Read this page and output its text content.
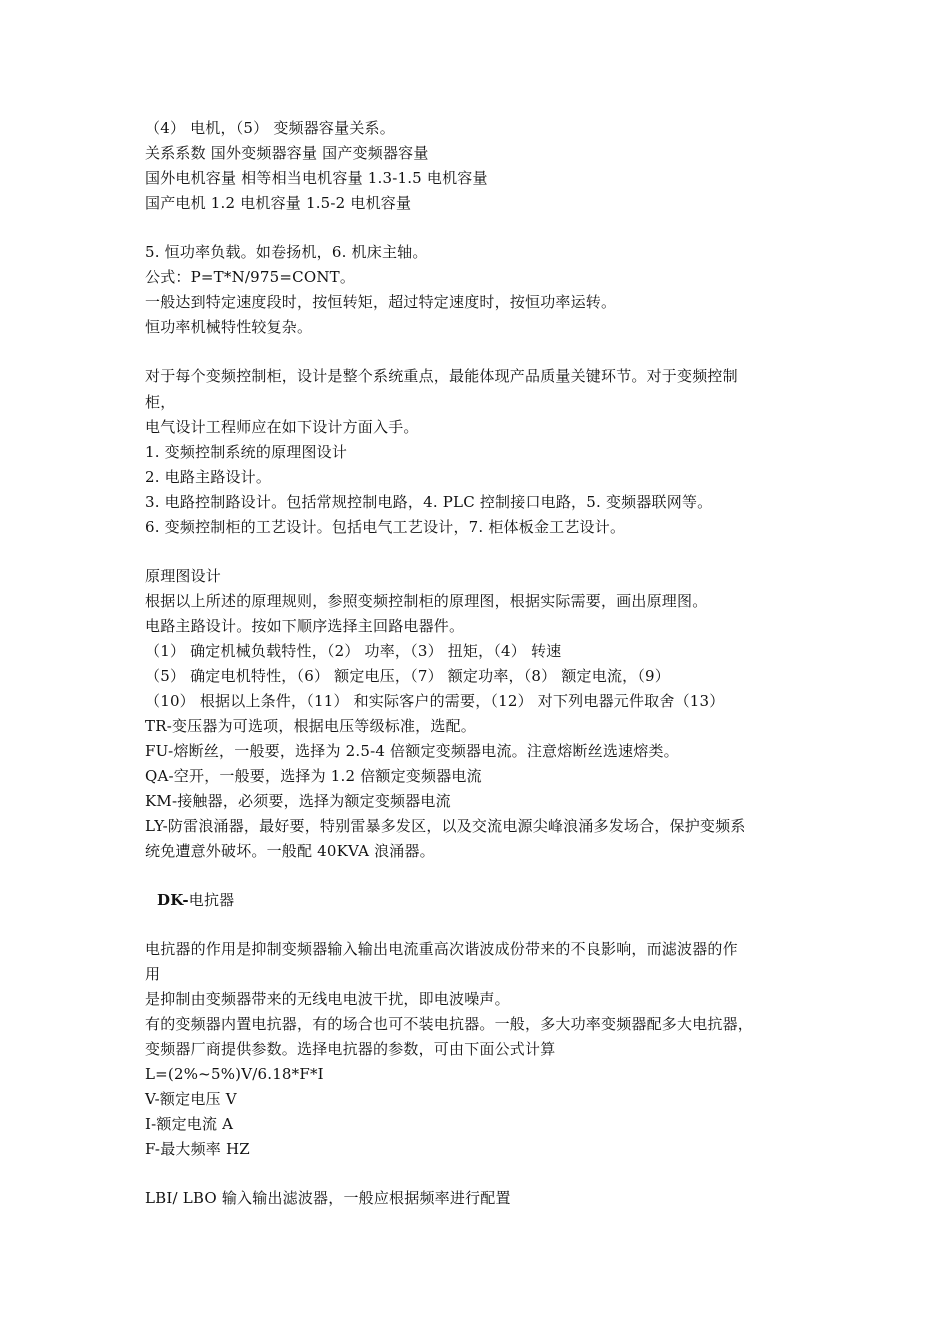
（4） 电机，（5） 变频器容量关系。
关系系数 国外变频器容量 国产变频器容量
国外电机容量 相等相当电机容量 1.3-1.5 电机容量
国产电机 1.2 电机容量 1.5-2 电机容量
5. 恒功率负载。如卷扬机，6. 机床主轴。
公式：P=T*N/975=CONT。
一般达到特定速度段时，按恒转矩，超过特定速度时，按恒功率运转。
恒功率机械特性较复杂。
对于每个变频控制柜，设计是整个系统重点，最能体现产品质量关键环节。对于变频控制
柜，
电气设计工程师应在如下设计方面入手。
1. 变频控制系统的原理图设计
2. 电路主路设计。
3. 电路控制路设计。包括常规控制电路，4. PLC 控制接口电路，5. 变频器联网等。
6. 变频控制柜的工艺设计。包括电气工艺设计，7. 柜体板金工艺设计。
原理图设计
根据以上所述的原理规则，参照变频控制柜的原理图，根据实际需要，画出原理图。
电路主路设计。按如下顺序选择主回路电器件。
（1） 确定机械负载特性，（2） 功率，（3） 扭矩，（4） 转速
（5） 确定电机特性，（6） 额定电压，（7） 额定功率，（8） 额定电流，（9）
（10） 根据以上条件，（11） 和实际客户的需要，（12） 对下列电器元件取舍（13）
TR-变压器为可选项，根据电压等级标准，选配。
FU-熔断丝，一般要，选择为 2.5-4 倍额定变频器电流。注意熔断丝选速熔类。
QA-空开，一般要，选择为 1.2 倍额定变频器电流
KM-接触器，必须要，选择为额定变频器电流
LY-防雷浪涌器，最好要，特别雷暴多发区，以及交流电源尖峰浪涌多发场合，保护变频系
统免遭意外破坏。一般配 40KVA 浪涌器。
DK-电抗器
电抗器的作用是抑制变频器输入输出电流重高次谐波成份带来的不良影响，而滤波器的作
用
是抑制由变频器带来的无线电电波干扰，即电波噪声。
有的变频器内置电抗器，有的场合也可不装电抗器。一般，多大功率变频器配多大电抗器，
变频器厂商提供参数。选择电抗器的参数，可由下面公式计算
L=(2%~5%)V/6.18*F*I
V-额定电压 V
I-额定电流 A
F-最大频率 HZ
LBI/ LBO 输入输出滤波器，一般应根据频率进行配置
